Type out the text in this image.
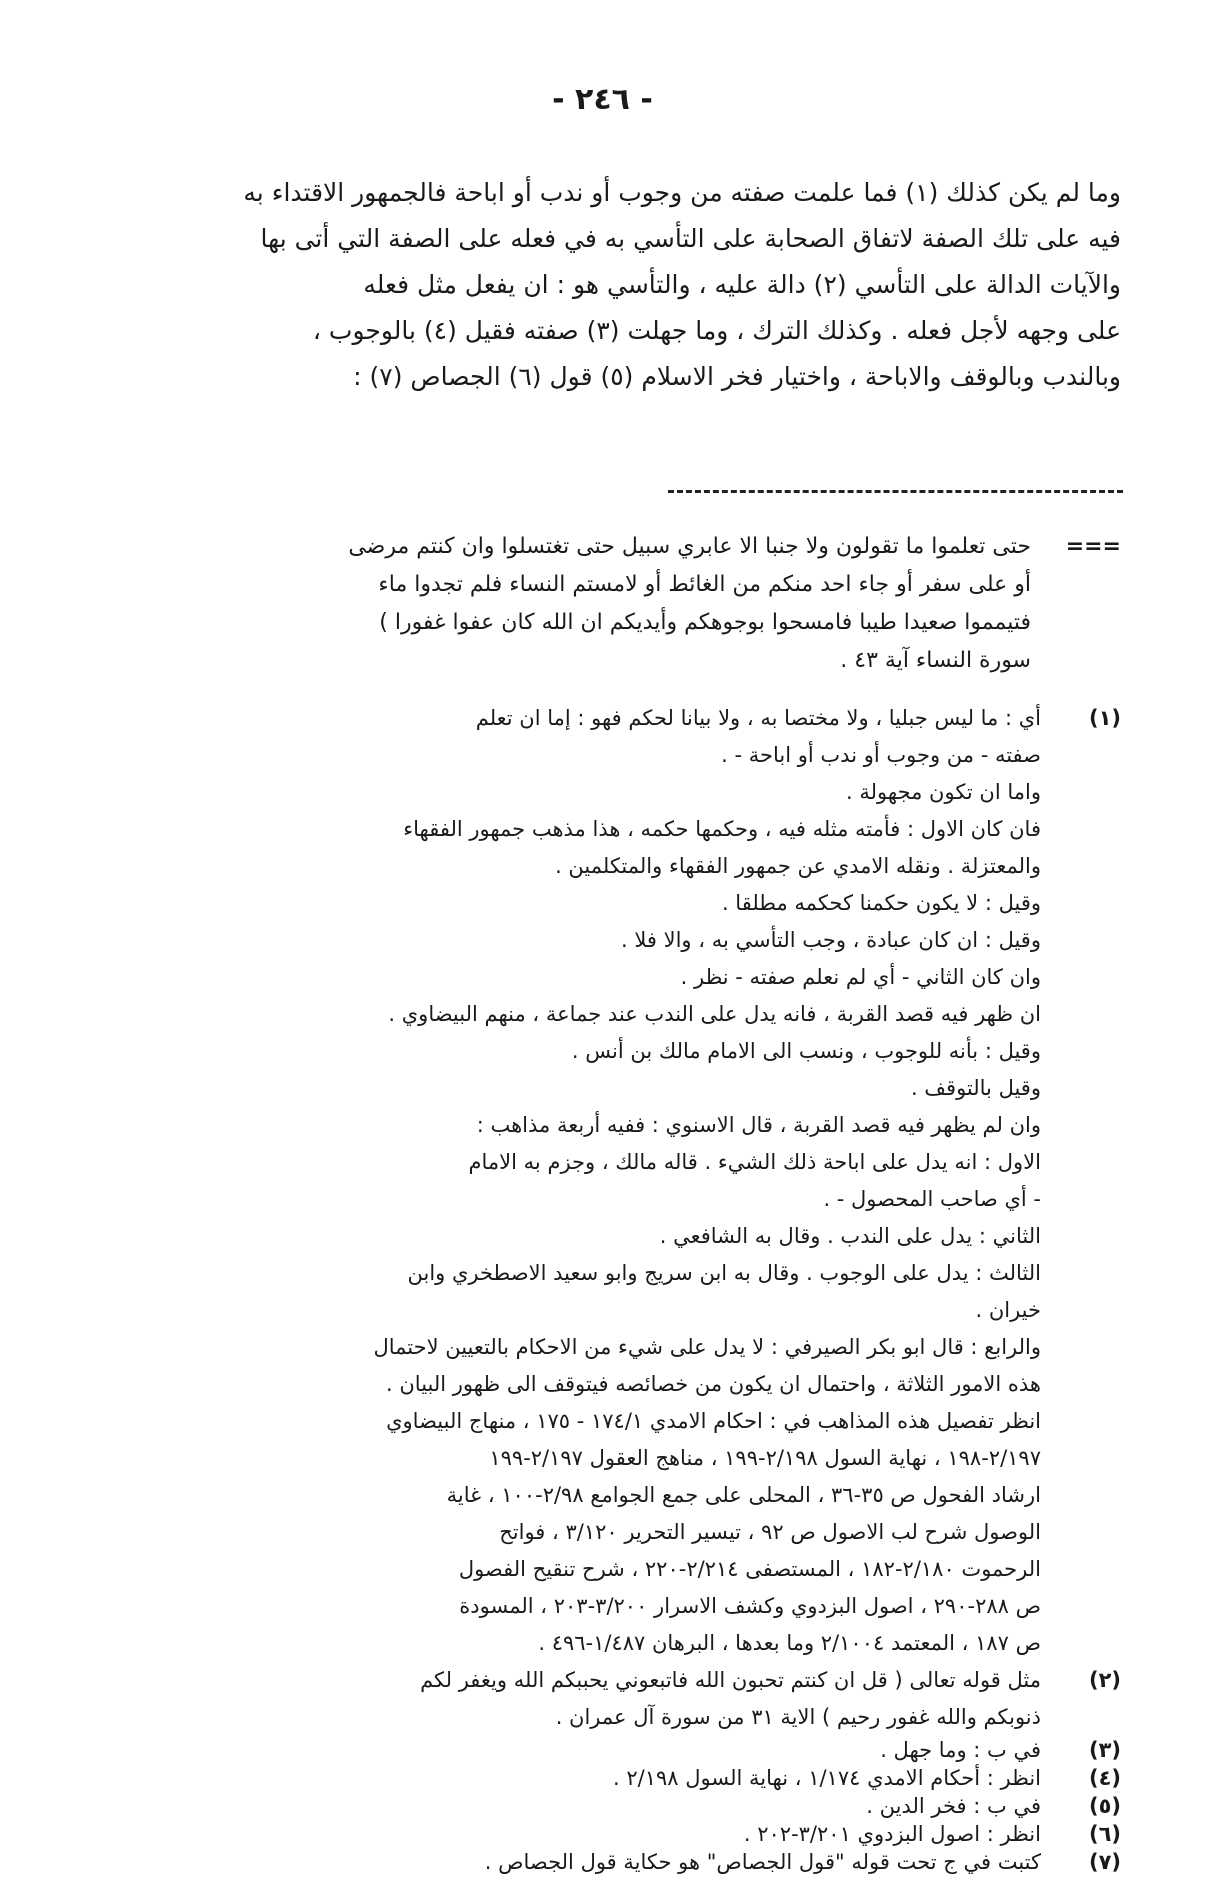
- ٢٤٦ -

وما لم يكن كذلك (١) فما علمت صفته من وجوب أو ندب أو اباحة فالجمهور الاقتداء به

فيه على تلك الصفة لاتفاق الصحابة على التأسي به في فعله على الصفة التي أتى بها

والآيات الدالة على التأسي (٢) دالة عليه ، والتأسي هو : ان يفعل مثل فعله

على وجهه لأجل فعله . وكذلك الترك ، وما جهلت (٣) صفته فقيل (٤) بالوجوب ،

وبالندب وبالوقف والاباحة ، واختيار فخر الاسلام (٥) قول (٦) الجصاص (٧) :

===

حتى تعلموا ما تقولون ولا جنبا الا عابري سبيل حتى تغتسلوا وان كنتم مرضى

أو على سفر أو جاء احد منكم من الغائط أو لامستم النساء فلم تجدوا ماء

فتيمموا صعيدا طيبا فامسحوا بوجوهكم وأيديكم ان الله كان عفوا غفورا )

سورة النساء آية ٤٣ .

(١)

أي : ما ليس جبليا ، ولا مختصا به ، ولا بيانا لحكم فهو : إما ان تعلم

صفته - من وجوب أو ندب أو اباحة - .

واما ان تكون مجهولة .

فان كان الاول : فأمته مثله فيه ، وحكمها حكمه ، هذا مذهب جمهور الفقهاء

والمعتزلة . ونقله الامدي عن جمهور الفقهاء والمتكلمين .

وقيل : لا يكون حكمنا كحكمه مطلقا .

وقيل : ان كان عبادة ، وجب التأسي به ، والا فلا .

وان كان الثاني - أي لم نعلم صفته - نظر .

ان ظهر فيه قصد القربة ، فانه يدل على الندب عند جماعة ، منهم البيضاوي .

وقيل : بأنه للوجوب ، ونسب الى الامام مالك بن أنس .

وقيل بالتوقف .

وان لم يظهر فيه قصد القربة ، قال الاسنوي : ففيه أربعة مذاهب :

الاول : انه يدل على اباحة ذلك الشيء . قاله مالك ، وجزم به الامام

- أي صاحب المحصول - .

الثاني : يدل على الندب . وقال به الشافعي .

الثالث : يدل على الوجوب . وقال به ابن سريج وابو سعيد الاصطخري وابن

خيران .

والرابع : قال ابو بكر الصيرفي : لا يدل على شيء من الاحكام بالتعيين لاحتمال

هذه الامور الثلاثة ، واحتمال ان يكون من خصائصه فيتوقف الى ظهور البيان .

انظر تفصيل هذه المذاهب في : احكام الامدي ١٧٤/١ - ١٧٥ ، منهاج البيضاوي

٢/١٩٧-١٩٨ ، نهاية السول ٢/١٩٨-١٩٩ ، مناهج العقول ٢/١٩٧-١٩٩

ارشاد الفحول ص ٣٥-٣٦ ، المحلى على جمع الجوامع ٢/٩٨-١٠٠ ، غاية

الوصول شرح لب الاصول ص ٩٢ ، تيسير التحرير ٣/١٢٠ ، فواتح

الرحموت ٢/١٨٠-١٨٢ ، المستصفى ٢/٢١٤-٢٢٠ ، شرح تنقيح الفصول

ص ٢٨٨-٢٩٠ ، اصول البزدوي وكشف الاسرار ٣/٢٠٠-٢٠٣ ، المسودة

ص ١٨٧ ، المعتمد ٢/١٠٠٤ وما بعدها ، البرهان ١/٤٨٧-٤٩٦ .

(٢)

مثل قوله تعالى ( قل ان كنتم تحبون الله فاتبعوني يحببكم الله ويغفر لكم

ذنوبكم والله غفور رحيم ) الاية ٣١ من سورة آل عمران .

(٣)

في ب : وما جهل .

(٤)

انظر : أحكام الامدي ١/١٧٤ ، نهاية السول ٢/١٩٨ .

(٥)

في ب : فخر الدين .

(٦)

انظر : اصول البزدوي ٣/٢٠١-٢٠٢ .

(٧)

كتبت في ج تحت قوله "قول الجصاص" هو حكاية قول الجصاص .
